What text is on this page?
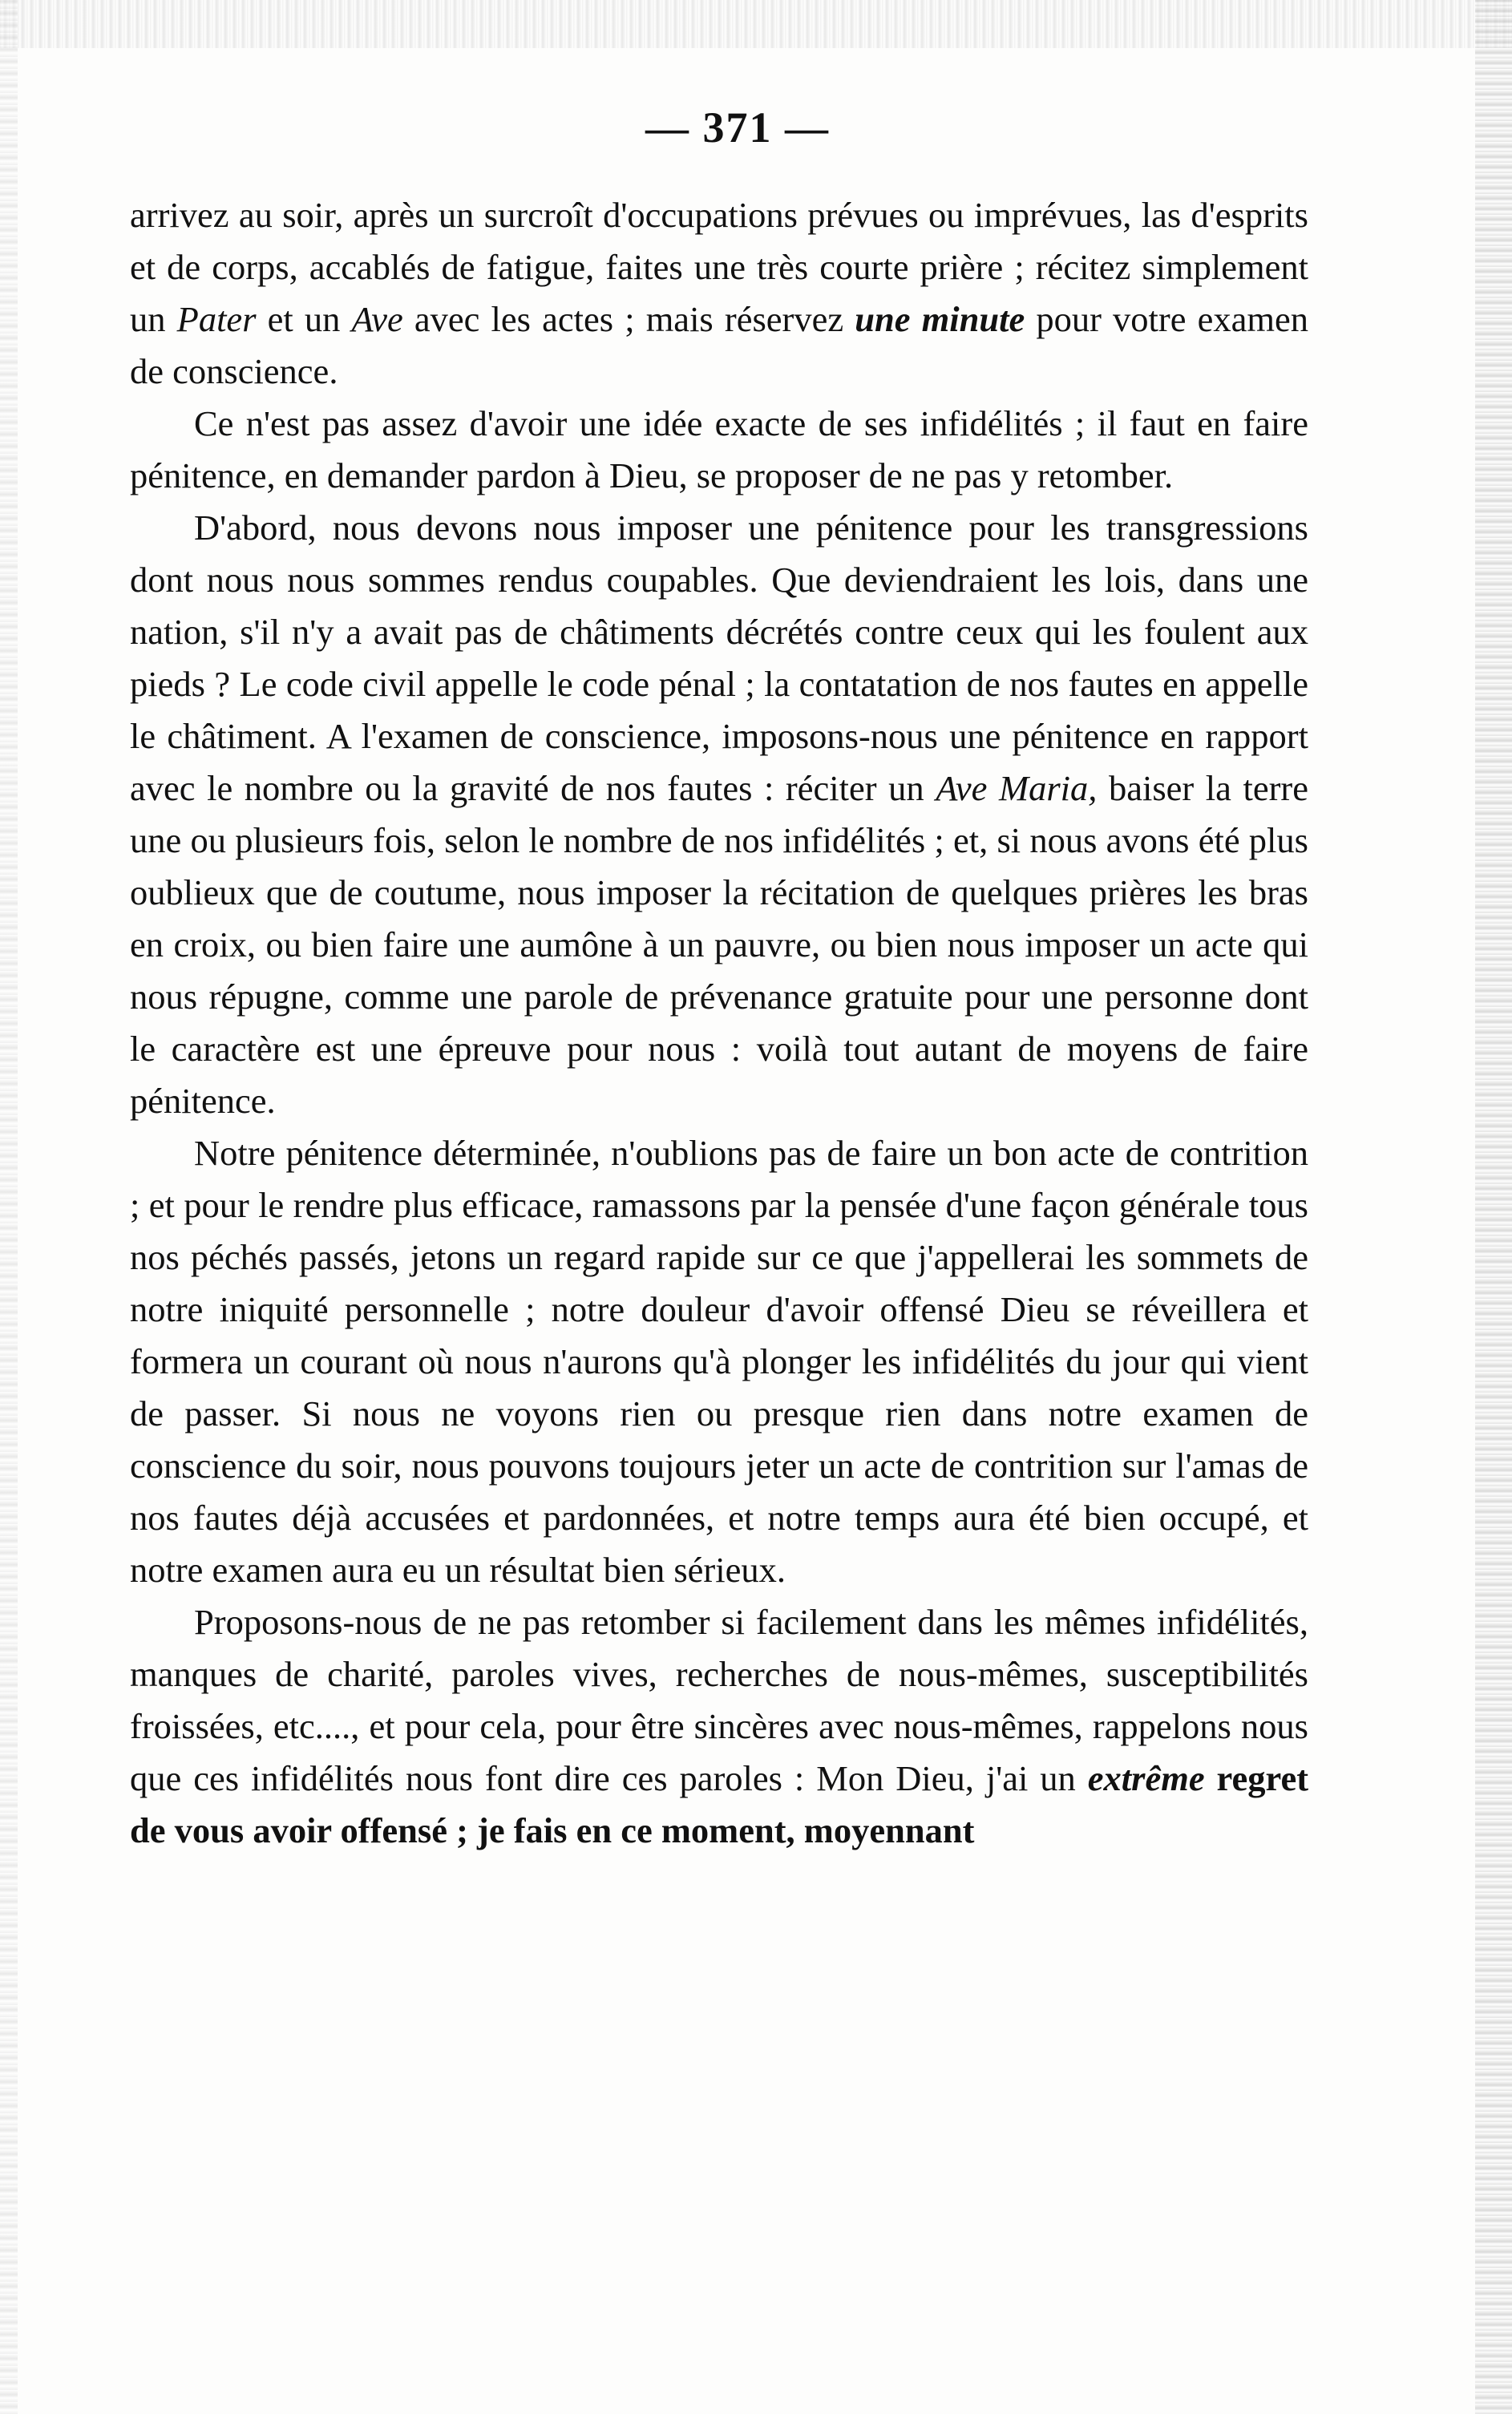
— 371 —

arrivez au soir, après un surcroît d'occupations prévues ou imprévues, las d'esprits et de corps, accablés de fatigue, faites une très courte prière ; récitez simplement un Pater et un Ave avec les actes ; mais réservez une minute pour votre examen de conscience.

Ce n'est pas assez d'avoir une idée exacte de ses infidélités ; il faut en faire pénitence, en demander pardon à Dieu, se proposer de ne pas y retomber.

D'abord, nous devons nous imposer une pénitence pour les transgressions dont nous nous sommes rendus coupables. Que deviendraient les lois, dans une nation, s'il n'y a avait pas de châtiments décrétés contre ceux qui les foulent aux pieds ? Le code civil appelle le code pénal ; la contatation de nos fautes en appelle le châtiment. A l'examen de conscience, imposons-nous une pénitence en rapport avec le nombre ou la gravité de nos fautes : réciter un Ave Maria, baiser la terre une ou plusieurs fois, selon le nombre de nos infidélités ; et, si nous avons été plus oublieux que de coutume, nous imposer la récitation de quelques prières les bras en croix, ou bien faire une aumône à un pauvre, ou bien nous imposer un acte qui nous répugne, comme une parole de prévenance gratuite pour une personne dont le caractère est une épreuve pour nous : voilà tout autant de moyens de faire pénitence.

Notre pénitence déterminée, n'oublions pas de faire un bon acte de contrition ; et pour le rendre plus efficace, ramassons par la pensée d'une façon générale tous nos péchés passés, jetons un regard rapide sur ce que j'appellerai les sommets de notre iniquité personnelle ; notre douleur d'avoir offensé Dieu se réveillera et formera un courant où nous n'aurons qu'à plonger les infidélités du jour qui vient de passer. Si nous ne voyons rien ou presque rien dans notre examen de conscience du soir, nous pouvons toujours jeter un acte de contrition sur l'amas de nos fautes déjà accusées et pardonnées, et notre temps aura été bien occupé, et notre examen aura eu un résultat bien sérieux.

Proposons-nous de ne pas retomber si facilement dans les mêmes infidélités, manques de charité, paroles vives, recherches de nous-mêmes, susceptibilités froissées, etc...., et pour cela, pour être sincères avec nous-mêmes, rappelons nous que ces infidélités nous font dire ces paroles : Mon Dieu, j'ai un extrême regret de vous avoir offensé ; je fais en ce moment, moyennant
